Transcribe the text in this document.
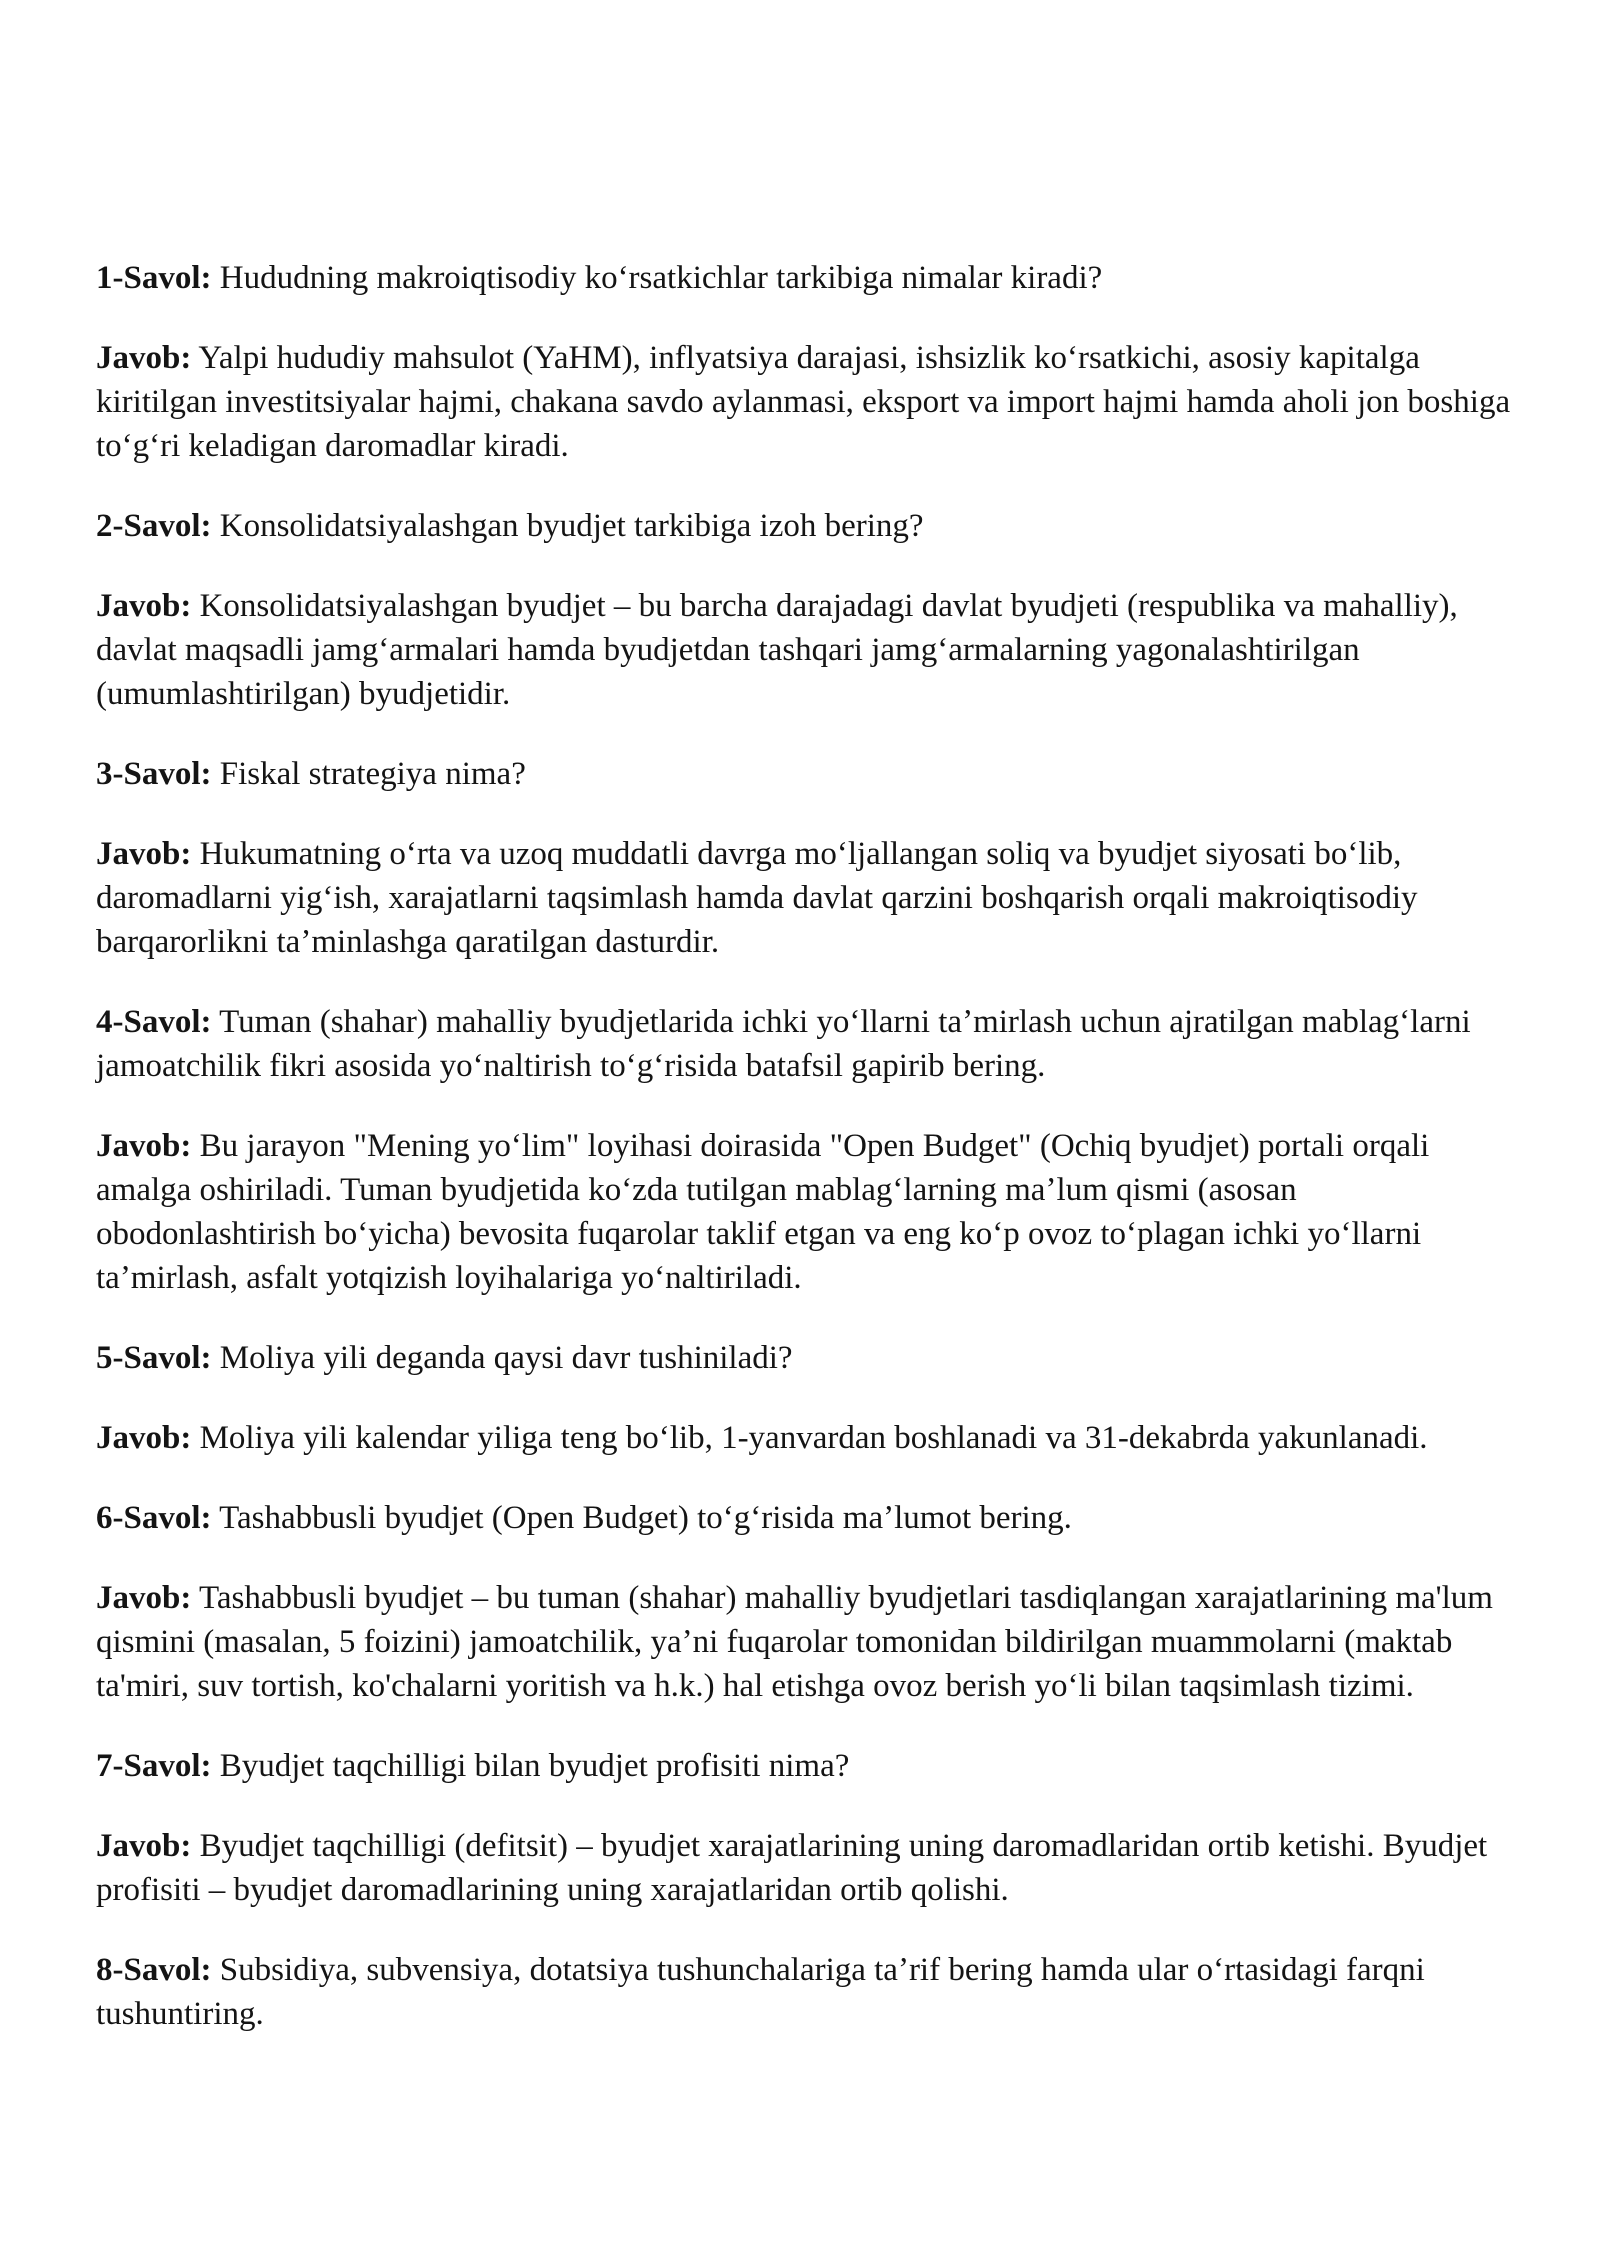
1-Savol: Hududning makroiqtisodiy koʻrsatkichlar tarkibiga nimalar kiradi?

Javob: Yalpi hududiy mahsulot (YaHM), inflyatsiya darajasi, ishsizlik koʻrsatkichi, asosiy kapitalga kiritilgan investitsiyalar hajmi, chakana savdo aylanmasi, eksport va import hajmi hamda aholi jon boshiga toʻgʻri keladigan daromadlar kiradi.

2-Savol: Konsolidatsiyalashgan byudjet tarkibiga izoh bering?

Javob: Konsolidatsiyalashgan byudjet – bu barcha darajadagi davlat byudjeti (respublika va mahalliy), davlat maqsadli jamgʻarmalari hamda byudjetdan tashqari jamgʻarmalarning yagonalashtirilgan (umumlashtirilgan) byudjetidir.

3-Savol: Fiskal strategiya nima?

Javob: Hukumatning oʻrta va uzoq muddatli davrga moʻljallangan soliq va byudjet siyosati boʻlib, daromadlarni yigʻish, xarajatlarni taqsimlash hamda davlat qarzini boshqarish orqali makroiqtisodiy barqarorlikni taʼminlashga qaratilgan dasturdir.

4-Savol: Tuman (shahar) mahalliy byudjetlarida ichki yoʻllarni taʼmirlash uchun ajratilgan mablagʻlarni jamoatchilik fikri asosida yoʻnaltirish toʻgʻrisida batafsil gapirib bering.

Javob: Bu jarayon "Mening yoʻlim" loyihasi doirasida "Open Budget" (Ochiq byudjet) portali orqali amalga oshiriladi. Tuman byudjetida koʻzda tutilgan mablagʻlarning maʼlum qismi (asosan obodonlashtirish boʻyicha) bevosita fuqarolar taklif etgan va eng koʻp ovoz toʻplagan ichki yoʻllarni taʼmirlash, asfalt yotqizish loyihalariga yoʻnaltiriladi.

5-Savol: Moliya yili deganda qaysi davr tushiniladi?

Javob: Moliya yili kalendar yiliga teng boʻlib, 1-yanvardan boshlanadi va 31-dekabrda yakunlanadi.

6-Savol: Tashabbusli byudjet (Open Budget) toʻgʻrisida maʼlumot bering.

Javob: Tashabbusli byudjet – bu tuman (shahar) mahalliy byudjetlari tasdiqlangan xarajatlarining ma'lum qismini (masalan, 5 foizini) jamoatchilik, yaʼni fuqarolar tomonidan bildirilgan muammolarni (maktab ta'miri, suv tortish, ko'chalarni yoritish va h.k.) hal etishga ovoz berish yoʻli bilan taqsimlash tizimi.

7-Savol: Byudjet taqchilligi bilan byudjet profisiti nima?

Javob: Byudjet taqchilligi (defitsit) – byudjet xarajatlarining uning daromadlaridan ortib ketishi. Byudjet profisiti – byudjet daromadlarining uning xarajatlaridan ortib qolishi.

8-Savol: Subsidiya, subvensiya, dotatsiya tushunchalariga taʼrif bering hamda ular oʻrtasidagi farqni tushuntiring.
